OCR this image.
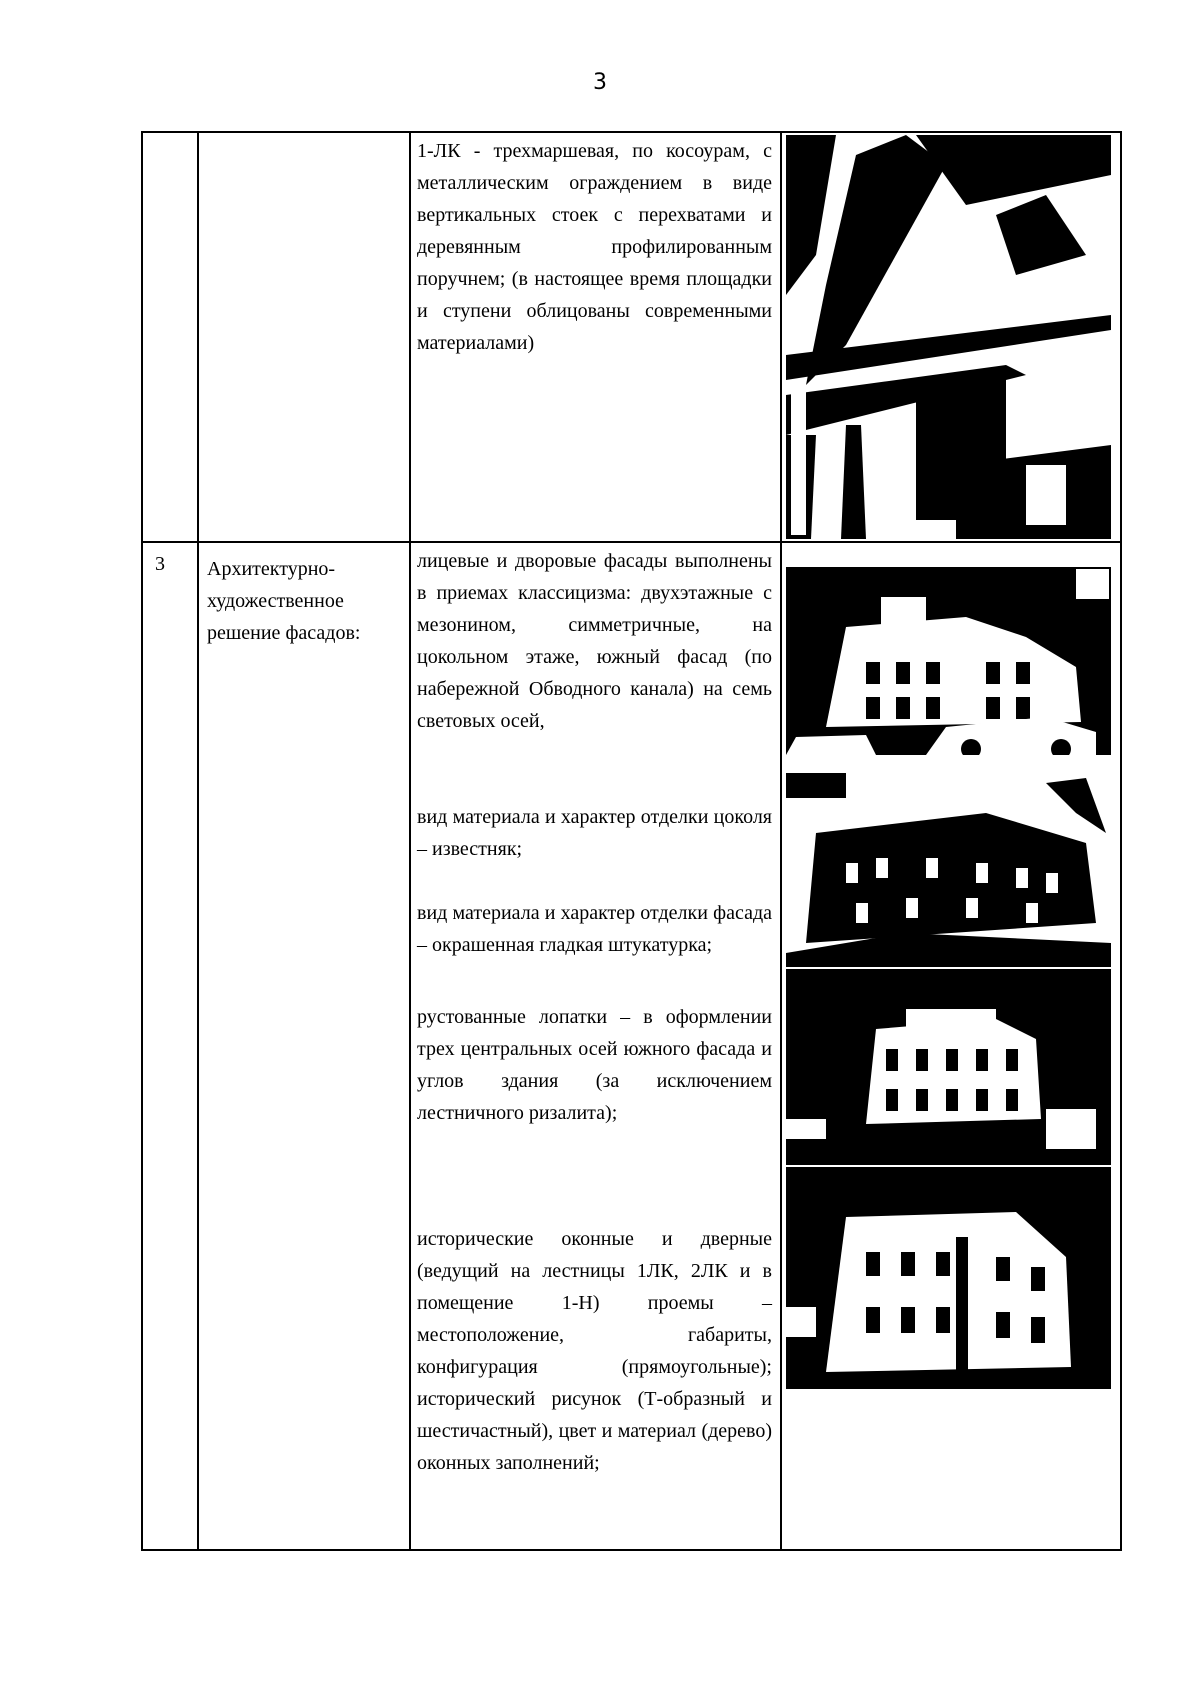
3

1-ЛК - трехмаршевая, по косоурам, с металлическим ограждением в виде вертикальных стоек с перехватами и деревянным профилированным поручнем; (в настоящее время площадки и ступени облицованы современными материалами)

3 Архитектурно-художественное решение фасадов:

лицевые и дворовые фасады выполнены в приемах классицизма: двухэтажные с мезонином, симметричные, на цокольном этаже, южный фасад (по набережной Обводного канала) на семь световых осей,

вид материала и характер отделки цоколя – известняк;

вид материала и характер отделки фасада – окрашенная гладкая штукатурка;

рустованные лопатки – в оформлении трех центральных осей южного фасада и углов здания (за исключением лестничного ризалита);

исторические оконные и дверные (ведущий на лестницы 1ЛК, 2ЛК и в помещение 1-Н) проемы – местоположение, габариты, конфигурация (прямоугольные); исторический рисунок (Т-образный и шестичастный), цвет и материал (дерево) оконных заполнений;
